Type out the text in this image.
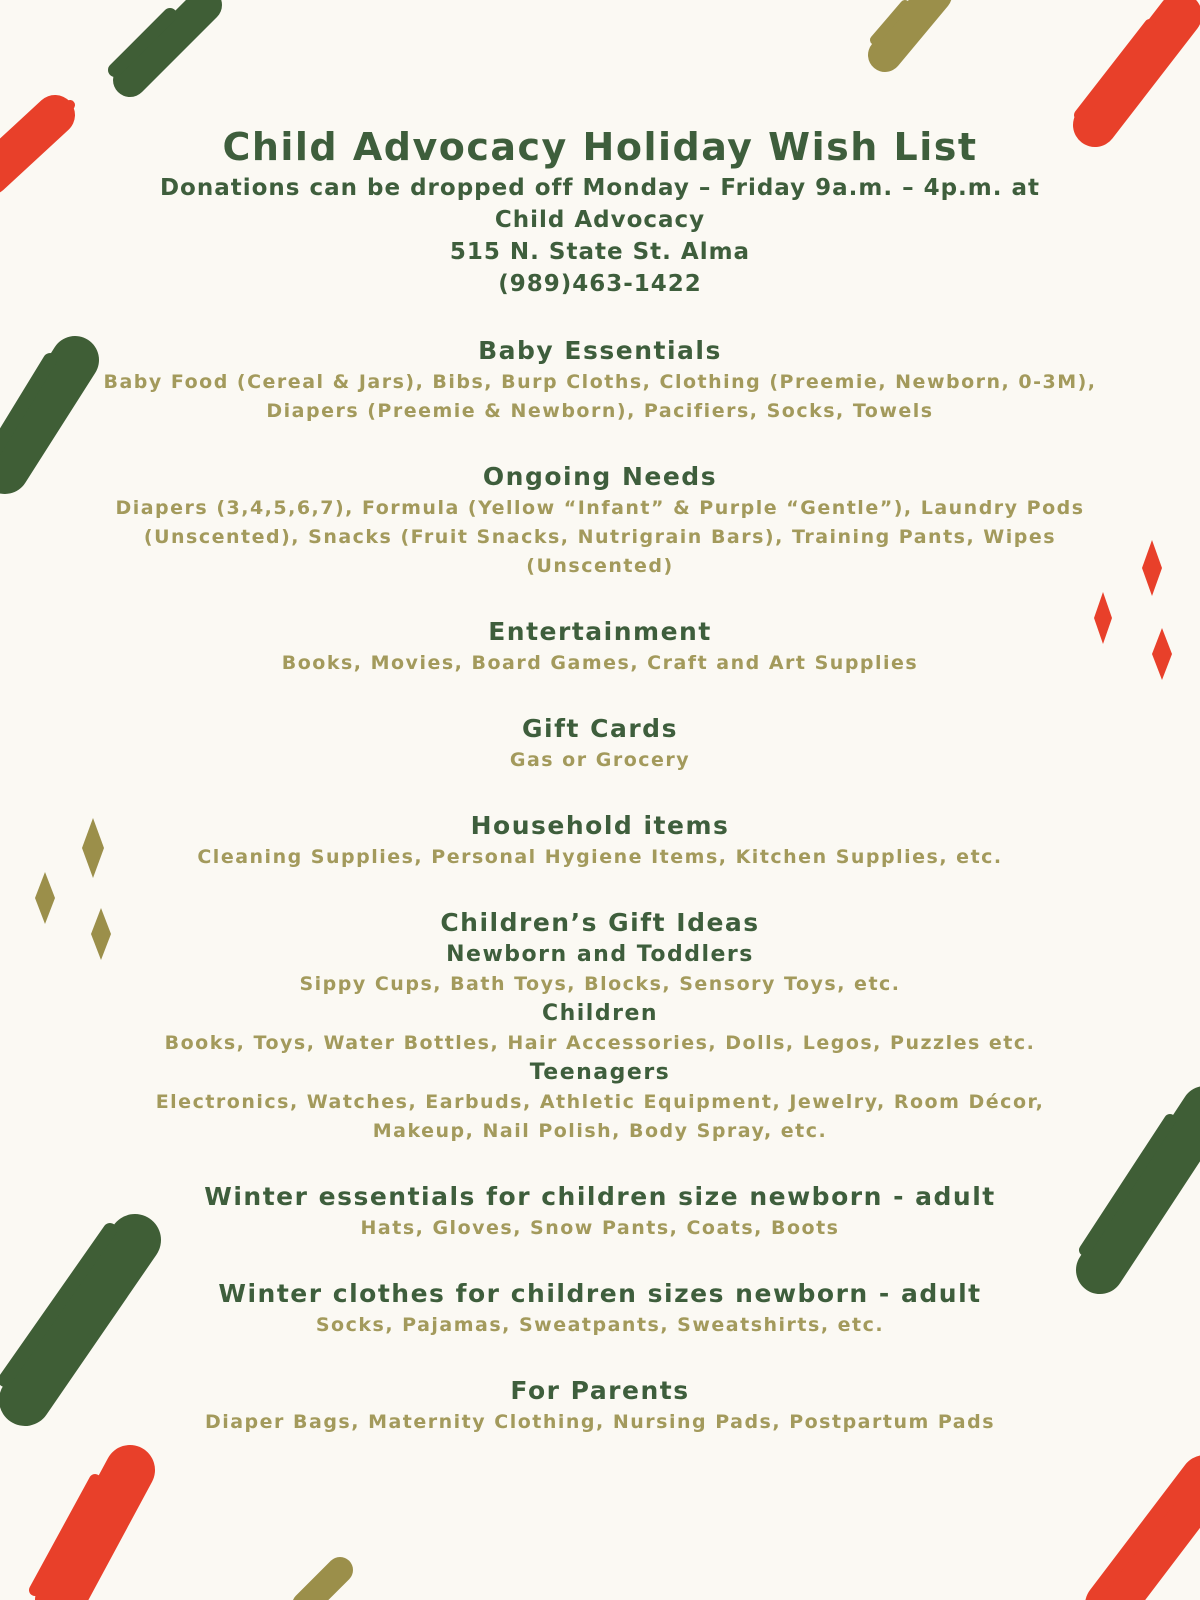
Child Advocacy Holiday Wish List
Donations can be dropped off Monday – Friday 9a.m. – 4p.m. at
Child Advocacy
515 N. State St. Alma
(989)463-1422
Baby Essentials
Baby Food (Cereal & Jars), Bibs, Burp Cloths, Clothing (Preemie, Newborn, 0-3M),
Diapers (Preemie & Newborn), Pacifiers, Socks, Towels
Ongoing Needs
Diapers (3,4,5,6,7), Formula (Yellow “Infant” & Purple “Gentle”), Laundry Pods
(Unscented), Snacks (Fruit Snacks, Nutrigrain Bars), Training Pants, Wipes
(Unscented)
Entertainment
Books, Movies, Board Games, Craft and Art Supplies
Gift Cards
Gas or Grocery
Household items
Cleaning Supplies, Personal Hygiene Items, Kitchen Supplies, etc.
Children’s Gift Ideas
Newborn and Toddlers
Sippy Cups, Bath Toys, Blocks, Sensory Toys, etc.
Children
Books, Toys, Water Bottles, Hair Accessories, Dolls, Legos, Puzzles etc.
Teenagers
Electronics, Watches, Earbuds, Athletic Equipment, Jewelry, Room Décor,
Makeup, Nail Polish, Body Spray, etc.
Winter essentials for children size newborn - adult
Hats, Gloves, Snow Pants, Coats, Boots
Winter clothes for children sizes newborn - adult
Socks, Pajamas, Sweatpants, Sweatshirts, etc.
For Parents
Diaper Bags, Maternity Clothing, Nursing Pads, Postpartum Pads
